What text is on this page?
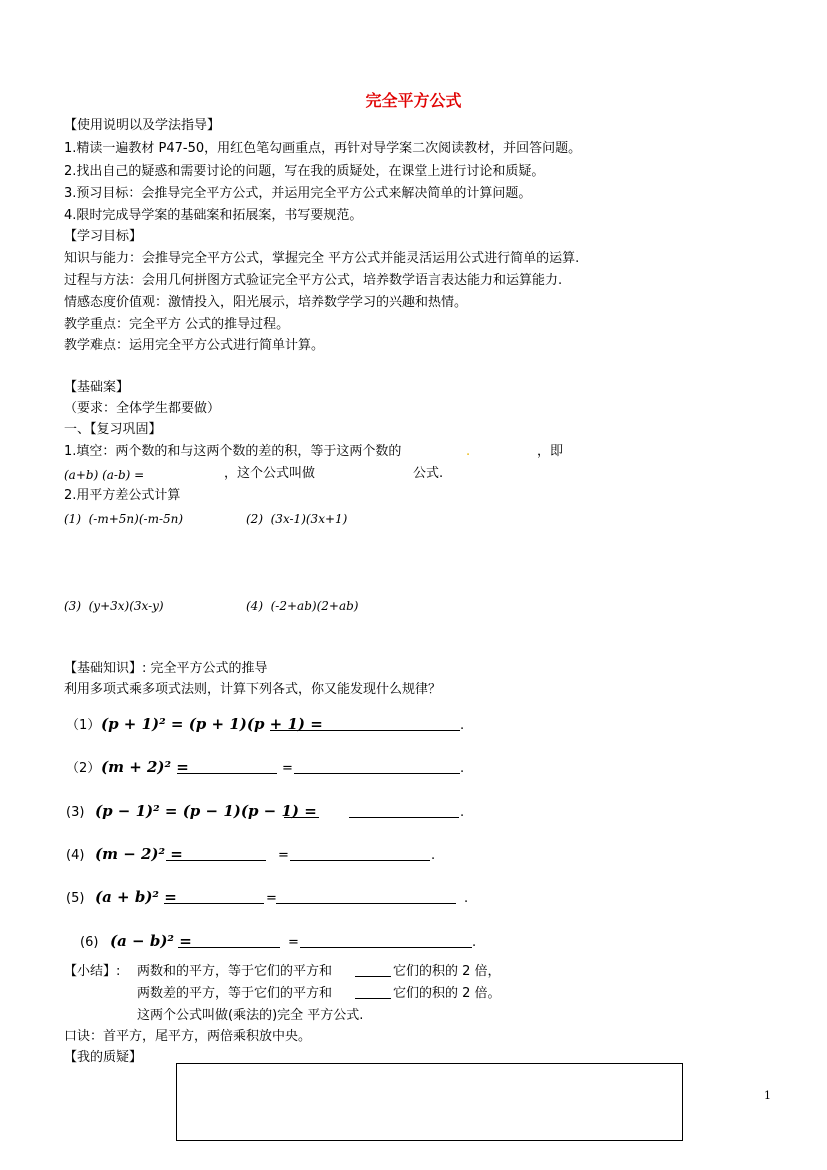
完全平方公式
【使用说明以及学法指导】
1.精读一遍教材 P47-50，用红色笔勾画重点，再针对导学案二次阅读教材，并回答问题。
2.找出自己的疑惑和需要讨论的问题，写在我的质疑处，在课堂上进行讨论和质疑。
3.预习目标：会推导完全平方公式，并运用完全平方公式来解决简单的计算问题。
4.限时完成导学案的基础案和拓展案，书写要规范。
【学习目标】
知识与能力：会推导完全平方公式，掌握完全 平方公式并能灵活运用公式进行简单的运算.
过程与方法：会用几何拼图方式验证完全平方公式，培养数学语言表达能力和运算能力.
情感态度价值观：激情投入，阳光展示，培养数学学习的兴趣和热情。
教学重点：完全平方 公式的推导过程。
教学难点：运用完全平方公式进行简单计算。
【基础案】
（要求：全体学生都要做）
一、【复习巩固】
1.填空：两个数的和与这两个数的差的积，等于这两个数的	.	，即
(a+b) (a-b) =	，这个公式叫做	公式.
2.用平方差公式计算
(1)  (-m+5n)(-m-5n)	(2)  (3x-1)(3x+1)
(3)  (y+3x)(3x-y)	(4)  (-2+ab)(2+ab)
【基础知识】: 完全平方公式的推导
利用多项式乘多项式法则，计算下列各式，你又能发现什么规律？
（1） (p + 1)² = (p + 1)(p + 1) =	.
（2） (m + 2)² =	=	.
(3) (p − 1)² = (p − 1)(p − 1) =	.
(4) (m − 2)² =	=	.
(5) (a + b)² =	=	.
(6) (a − b)² =	=	.
【小结】: 两数和的平方，等于它们的平方和	它们的积的 2 倍，
两数差的平方，等于它们的平方和	它们的积的 2 倍。
这两个公式叫做(乘法的)完全 平方公式.
口诀：首平方，尾平方，两倍乘积放中央。
【我的质疑】
1
